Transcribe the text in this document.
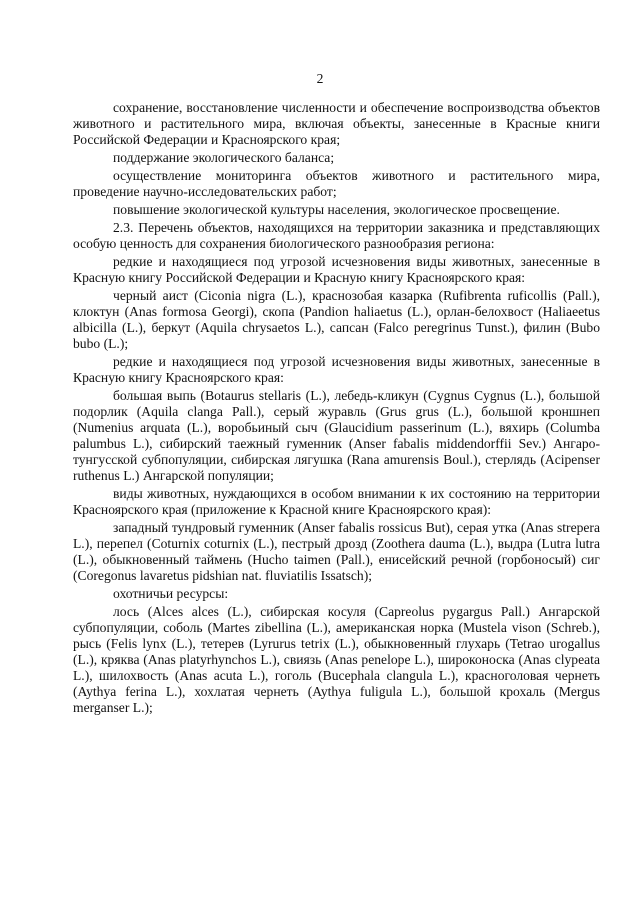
2

сохранение, восстановление численности и обеспечение воспроизводства объектов животного и растительного мира, включая объекты, занесенные в Красные книги Российской Федерации и Красноярского края;

поддержание экологического баланса;

осуществление мониторинга объектов животного и растительного мира, проведение научно-исследовательских работ;

повышение экологической культуры населения, экологическое просвещение.

2.3. Перечень объектов, находящихся на территории заказника и представляющих особую ценность для сохранения биологического разнообразия региона:

редкие и находящиеся под угрозой исчезновения виды животных, занесенные в Красную книгу Российской Федерации и Красную книгу Красноярского края:

черный аист (Ciconia nigra (L.), краснозобая казарка (Rufibrenta ruficollis (Pall.), клоктун (Anas formosa Georgi), скопа (Pandion haliaetus (L.), орлан-белохвост (Haliaeetus albicilla (L.), беркут (Aquila chrysaetos L.), сапсан (Falco peregrinus Tunst.), филин (Bubo bubo (L.);

редкие и находящиеся под угрозой исчезновения виды животных, занесенные в Красную книгу Красноярского края:

большая выпь (Botaurus stellaris (L.), лебедь-кликун (Cygnus Cygnus (L.), большой подорлик (Aquila clanga Pall.), серый журавль (Grus grus (L.), большой кроншнеп (Numenius arquata (L.), воробьиный сыч (Glaucidium passerinum (L.), вяхирь (Columba palumbus L.), сибирский таежный гуменник (Anser fabalis middendorffii Sev.) Ангаро-тунгусской субпопуляции, сибирская лягушка (Rana amurensis Boul.), стерлядь (Acipenser ruthenus L.) Ангарской популяции;

виды животных, нуждающихся в особом внимании к их состоянию на территории Красноярского края (приложение к Красной книге Красноярского края):

западный тундровый гуменник (Anser fabalis rossicus But), серая утка (Anas strepera L.), перепел (Coturnix coturnix (L.), пестрый дрозд (Zoothera dauma (L.), выдра (Lutra lutra (L.), обыкновенный таймень (Hucho taimen (Pall.), енисейский речной (горбоносый) сиг (Coregonus lavaretus pidshian nat. fluviatilis Issatsch);

охотничьи ресурсы:

лось (Alces alces (L.), сибирская косуля (Capreolus pygargus Pall.) Ангарской субпопуляции, соболь (Martes zibellina (L.), американская норка (Mustela vison (Schreb.), рысь (Felis lynx (L.), тетерев (Lyrurus tetrix (L.), обыкновенный глухарь (Tetrao urogallus (L.), кряква (Anas platyrhynchos L.), свиязь (Anas penelope L.), широконоска (Anas clypeata L.), шилохвость (Anas acuta L.), гоголь (Bucephala clangula L.), красноголовая чернеть (Aythya ferina L.), хохлатая чернеть (Aythya fuligula L.), большой крохаль (Mergus merganser L.);
